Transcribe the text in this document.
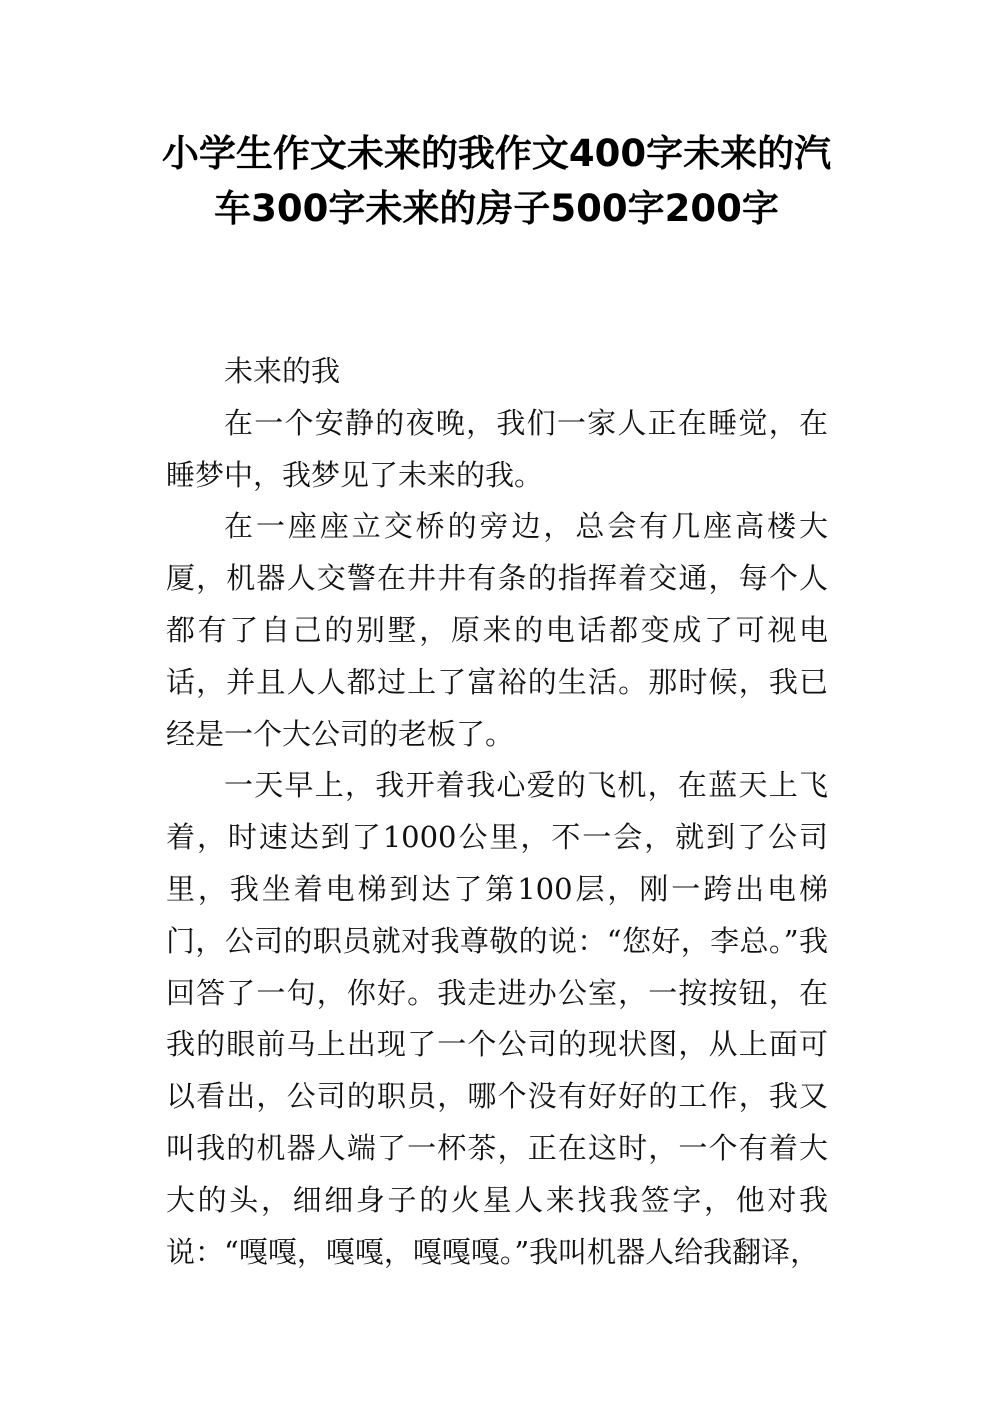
小学生作文未来的我作文400字未来的汽车300字未来的房子500字200字

未来的我

在一个安静的夜晚，我们一家人正在睡觉，在睡梦中，我梦见了未来的我。

在一座座立交桥的旁边，总会有几座高楼大厦，机器人交警在井井有条的指挥着交通，每个人都有了自己的别墅，原来的电话都变成了可视电话，并且人人都过上了富裕的生活。那时候，我已经是一个大公司的老板了。

一天早上，我开着我心爱的飞机，在蓝天上飞着，时速达到了1000公里，不一会，就到了公司里，我坐着电梯到达了第100层，刚一跨出电梯门，公司的职员就对我尊敬的说：“您好，李总。”我回答了一句，你好。我走进办公室，一按按钮，在我的眼前马上出现了一个公司的现状图，从上面可以看出，公司的职员，哪个没有好好的工作，我又叫我的机器人端了一杯茶，正在这时，一个有着大大的头，细细身子的火星人来找我签字，他对我说：“嘎嘎，嘎嘎，嘎嘎嘎。”我叫机器人给我翻译，
